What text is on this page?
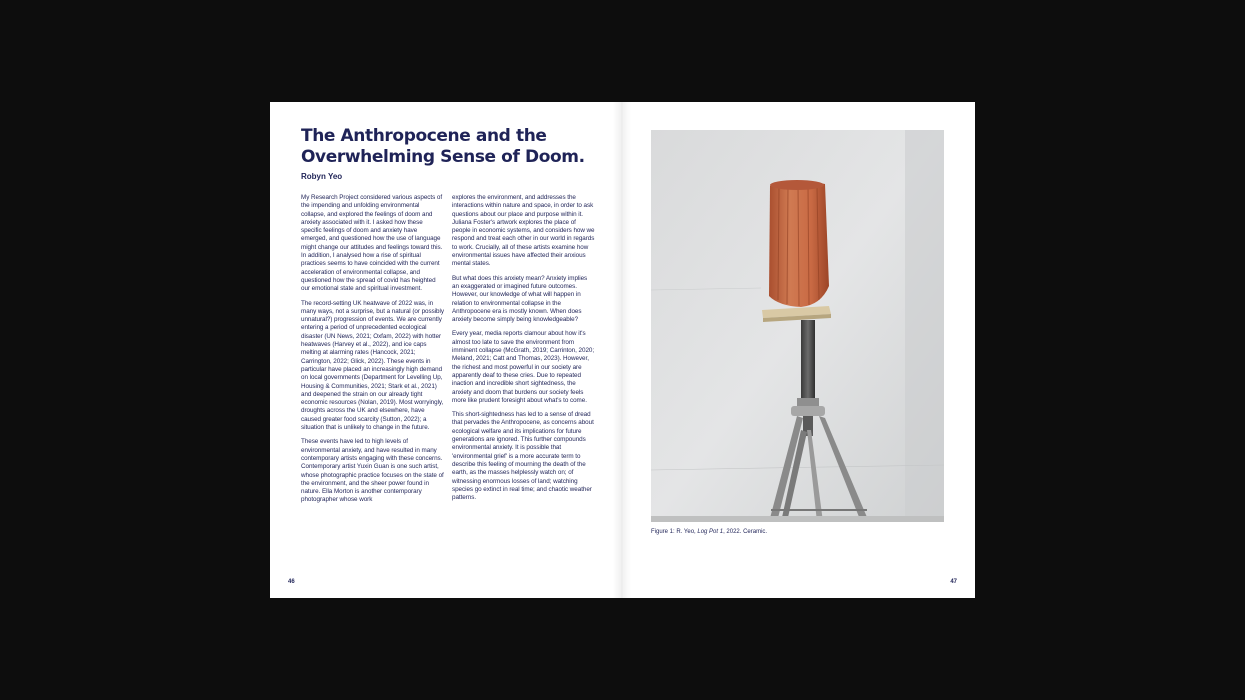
The Anthropocene and the Overwhelming Sense of Doom.
Robyn Yeo

My Research Project considered various aspects of the impending and unfolding environmental collapse, and explored the feelings of doom and anxiety associated with it. I asked how these specific feelings of doom and anxiety have emerged, and questioned how the use of language might change our attitudes and feelings toward this. In addition, I analysed how a rise of spiritual practices seems to have coincided with the current acceleration of environmental collapse, and questioned how the spread of covid has heighted our emotional state and spiritual investment.

The record-setting UK heatwave of 2022 was, in many ways, not a surprise, but a natural (or possibly unnatural?) progression of events. We are currently entering a period of unprecedented ecological disaster (UN News, 2021; Oxfam, 2022) with hotter heatwaves (Harvey et al., 2022), and ice caps melting at alarming rates (Hancock, 2021; Carrington, 2022; Glick, 2022). These events in particular have placed an increasingly high demand on local governments (Department for Levelling Up, Housing & Communities, 2021; Stark et al., 2021) and deepened the strain on our already tight economic resources (Nolan, 2019). Most worryingly, droughts across the UK and elsewhere, have caused greater food scarcity (Sutton, 2022); a situation that is unlikely to change in the future.

These events have led to high levels of environmental anxiety, and have resulted in many contemporary artists engaging with these concerns. Contemporary artist Yuxin Guan is one such artist, whose photographic practice focuses on the state of the environment, and the sheer power found in nature. Ella Morton is another contemporary photographer whose work

explores the environment, and addresses the interactions within nature and space, in order to ask questions about our place and purpose within it. Juliana Foster's artwork explores the place of people in economic systems, and considers how we respond and treat each other in our world in regards to work. Crucially, all of these artists examine how environmental issues have affected their anxious mental states.

But what does this anxiety mean? Anxiety implies an exaggerated or imagined future outcomes. However, our knowledge of what will happen in relation to environmental collapse in the Anthropocene era is mostly known. When does anxiety become simply being knowledgeable?

Every year, media reports clamour about how it's almost too late to save the environment from imminent collapse (McGrath, 2019; Carrinton, 2020; Meland, 2021; Catt and Thomas, 2023). However, the richest and most powerful in our society are apparently deaf to these cries. Due to repeated inaction and incredible short sightedness, the anxiety and doom that burdens our society feels more like prudent foresight about what's to come.

This short-sightedness has led to a sense of dread that pervades the Anthropocene, as concerns about ecological welfare and its implications for future generations are ignored. This further compounds environmental anxiety. It is possible that 'environmental grief' is a more accurate term to describe this feeling of mourning the death of the earth, as the masses helplessly watch on; of witnessing enormous losses of land; watching species go extinct in real time; and chaotic weather patterns.

46
Figure 1: R. Yeo, Log Pot 1, 2022. Ceramic.
47
